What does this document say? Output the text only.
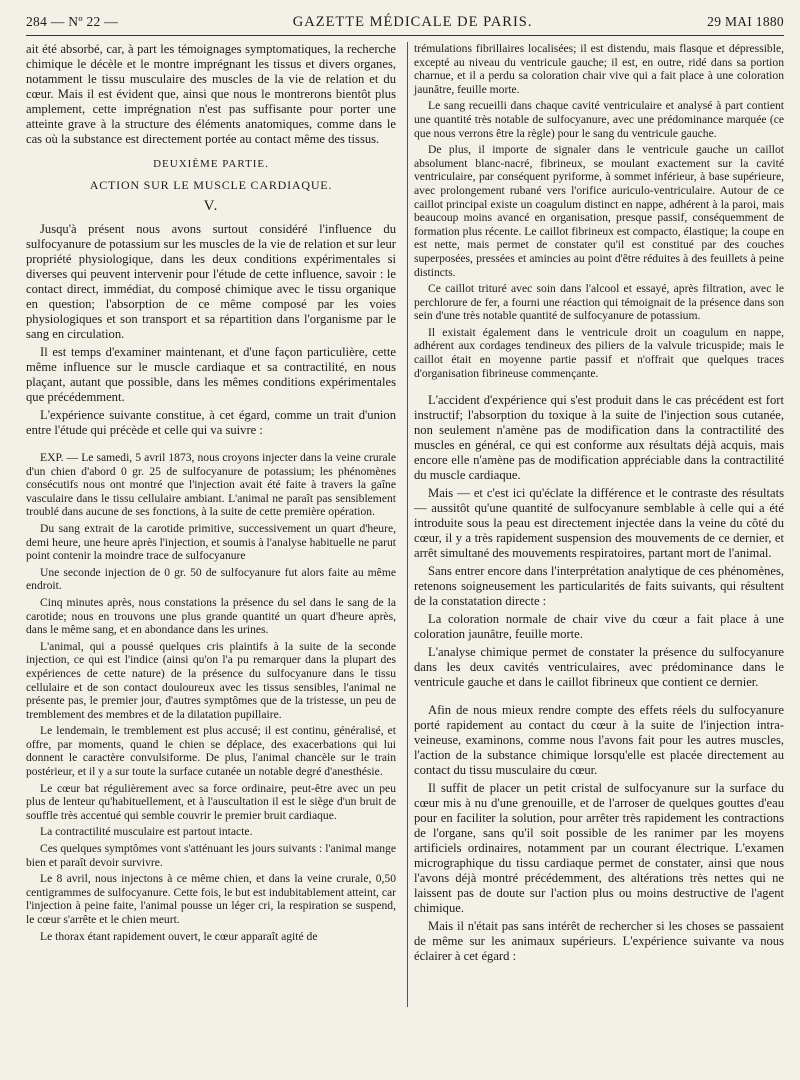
284 — Nº 22 —	GAZETTE MÉDICALE DE PARIS.	29 MAI 1880

ait été absorbé, car, à part les témoignages symptomatiques, la recherche chimique le décèle et le montre imprégnant les tissus et divers organes, notamment le tissu musculaire des muscles de la vie de relation et du cœur. Mais il est évident que, ainsi que nous le montrerons bientôt plus amplement, cette imprégnation n'est pas suffisante pour porter une atteinte grave à la structure des éléments anatomiques, comme dans le cas où la substance est directement portée au contact même des tissus.

DEUXIÈME PARTIE.
ACTION SUR LE MUSCLE CARDIAQUE.
V.

Jusqu'à présent nous avons surtout considéré l'influence du sulfocyanure de potassium sur les muscles de la vie de relation et sur leur propriété physiologique, dans les deux conditions expérimentales si diverses qui peuvent intervenir pour l'étude de cette influence, savoir : le contact direct, immédiat, du composé chimique avec le tissu organique en question; l'absorption de ce même composé par les voies physiologiques et son transport et sa répartition dans l'organisme par le sang en circulation.

Il est temps d'examiner maintenant, et d'une façon particulière, cette même influence sur le muscle cardiaque et sa contractilité, en nous plaçant, autant que possible, dans les mêmes conditions expérimentales que précédemment.

L'expérience suivante constitue, à cet égard, comme un trait d'union entre l'étude qui précède et celle qui va suivre :

EXP. — Le samedi, 5 avril 1873, nous croyons injecter dans la veine crurale d'un chien d'abord 0 gr. 25 de sulfocyanure de potassium; les phénomènes consécutifs nous ont montré que l'injection avait été faite à travers la gaîne vasculaire dans le tissu cellulaire ambiant. L'animal ne paraît pas sensiblement troublé dans aucune de ses fonctions, à la suite de cette première opération.

Du sang extrait de la carotide primitive, successivement un quart d'heure, demi heure, une heure après l'injection, et soumis à l'analyse habituelle ne parut point contenir la moindre trace de sulfocyanure

Une seconde injection de 0 gr. 50 de sulfocyanure fut alors faite au même endroit.

Cinq minutes après, nous constations la présence du sel dans le sang de la carotide; nous en trouvons une plus grande quantité un quart d'heure après, dans le même sang, et en abondance dans les urines.

L'animal, qui a poussé quelques cris plaintifs à la suite de la seconde injection, ce qui est l'indice (ainsi qu'on l'a pu remarquer dans la plupart des expériences de cette nature) de la présence du sulfocyanure dans le tissu cellulaire et de son contact douloureux avec les tissus sensibles, l'animal ne présente pas, le premier jour, d'autres symptômes que de la tristesse, un peu de tremblement des membres et de la dilatation pupillaire.

Le lendemain, le tremblement est plus accusé; il est continu, généralisé, et offre, par moments, quand le chien se déplace, des exacerbations qui lui donnent le caractère convulsiforme. De plus, l'animal chancèle sur le train postérieur, et il y a sur toute la surface cutanée un notable degré d'anesthésie.

Le cœur bat régulièrement avec sa force ordinaire, peut-être avec un peu plus de lenteur qu'habituellement, et à l'auscultation il est le siège d'un bruit de souffle très accentué qui semble couvrir le premier bruit cardiaque.

La contractilité musculaire est partout intacte.

Ces quelques symptômes vont s'atténuant les jours suivants : l'animal mange bien et paraît devoir survivre.

Le 8 avril, nous injectons à ce même chien, et dans la veine crurale, 0,50 centigrammes de sulfocyanure. Cette fois, le but est indubitablement atteint, car l'injection à peine faite, l'animal pousse un léger cri, la respiration se suspend, le cœur s'arrête et le chien meurt.

Le thorax étant rapidement ouvert, le cœur apparaît agité de

trémulations fibrillaires localisées; il est distendu, mais flasque et dépressible, excepté au niveau du ventricule gauche; il est, en outre, ridé dans sa portion charnue, et il a perdu sa coloration chair vive qui a fait place à une coloration jaunâtre, feuille morte.

Le sang recueilli dans chaque cavité ventriculaire et analysé à part contient une quantité très notable de sulfocyanure, avec une prédominance marquée (ce que nous verrons être la règle) pour le sang du ventricule gauche.

De plus, il importe de signaler dans le ventricule gauche un caillot absolument blanc-nacré, fibrineux, se moulant exactement sur la cavité ventriculaire, par conséquent pyriforme, à sommet inférieur, à base supérieure, avec prolongement rubané vers l'orifice auriculo-ventriculaire. Autour de ce caillot principal existe un coagulum distinct en nappe, adhérent à la paroi, mais beaucoup moins avancé en organisation, presque passif, conséquemment de formation plus récente. Le caillot fibrineux est compacto, élastique; la coupe en est nette, mais permet de constater qu'il est constitué par des couches superposées, pressées et amincies au point d'être réduites à des feuillets à peine distincts.

Ce caillot trituré avec soin dans l'alcool et essayé, après filtration, avec le perchlorure de fer, a fourni une réaction qui témoignait de la présence dans son sein d'une très notable quantité de sulfocyanure de potassium.

Il existait également dans le ventricule droit un coagulum en nappe, adhérent aux cordages tendineux des piliers de la valvule tricuspide; mais le caillot était en moyenne partie passif et n'offrait que quelques traces d'organisation fibrineuse commençante.

L'accident d'expérience qui s'est produit dans le cas précédent est fort instructif; l'absorption du toxique à la suite de l'injection sous cutanée, non seulement n'amène pas de modification dans la contractilité des muscles en général, ce qui est conforme aux résultats déjà acquis, mais encore elle n'amène pas de modification appréciable dans la contractilité du muscle cardiaque.

Mais — et c'est ici qu'éclate la différence et le contraste des résultats — aussitôt qu'une quantité de sulfocyanure semblable à celle qui a été introduite sous la peau est directement injectée dans la veine du côté du cœur, il y a très rapidement suspension des mouvements de ce dernier, et arrêt simultané des mouvements respiratoires, partant mort de l'animal.

Sans entrer encore dans l'interprétation analytique de ces phénomènes, retenons soigneusement les particularités de faits suivants, qui résultent de la constatation directe :

La coloration normale de chair vive du cœur a fait place à une coloration jaunâtre, feuille morte.

L'analyse chimique permet de constater la présence du sulfocyanure dans les deux cavités ventriculaires, avec prédominance dans le ventricule gauche et dans le caillot fibrineux que contient ce dernier.

Afin de nous mieux rendre compte des effets réels du sulfocyanure porté rapidement au contact du cœur à la suite de l'injection intra-veineuse, examinons, comme nous l'avons fait pour les autres muscles, l'action de la substance chimique lorsqu'elle est placée directement au contact du tissu musculaire du cœur.

Il suffit de placer un petit cristal de sulfocyanure sur la surface du cœur mis à nu d'une grenouille, et de l'arroser de quelques gouttes d'eau pour en faciliter la solution, pour arrêter très rapidement les contractions de l'organe, sans qu'il soit possible de les ranimer par les moyens artificiels ordinaires, notamment par un courant électrique. L'examen micrographique du tissu cardiaque permet de constater, ainsi que nous l'avons déjà montré précédemment, des altérations très nettes qui ne laissent pas de doute sur l'action plus ou moins destructive de l'agent chimique.

Mais il n'était pas sans intérêt de rechercher si les choses se passaient de même sur les animaux supérieurs. L'expérience suivante va nous éclairer à cet égard :
